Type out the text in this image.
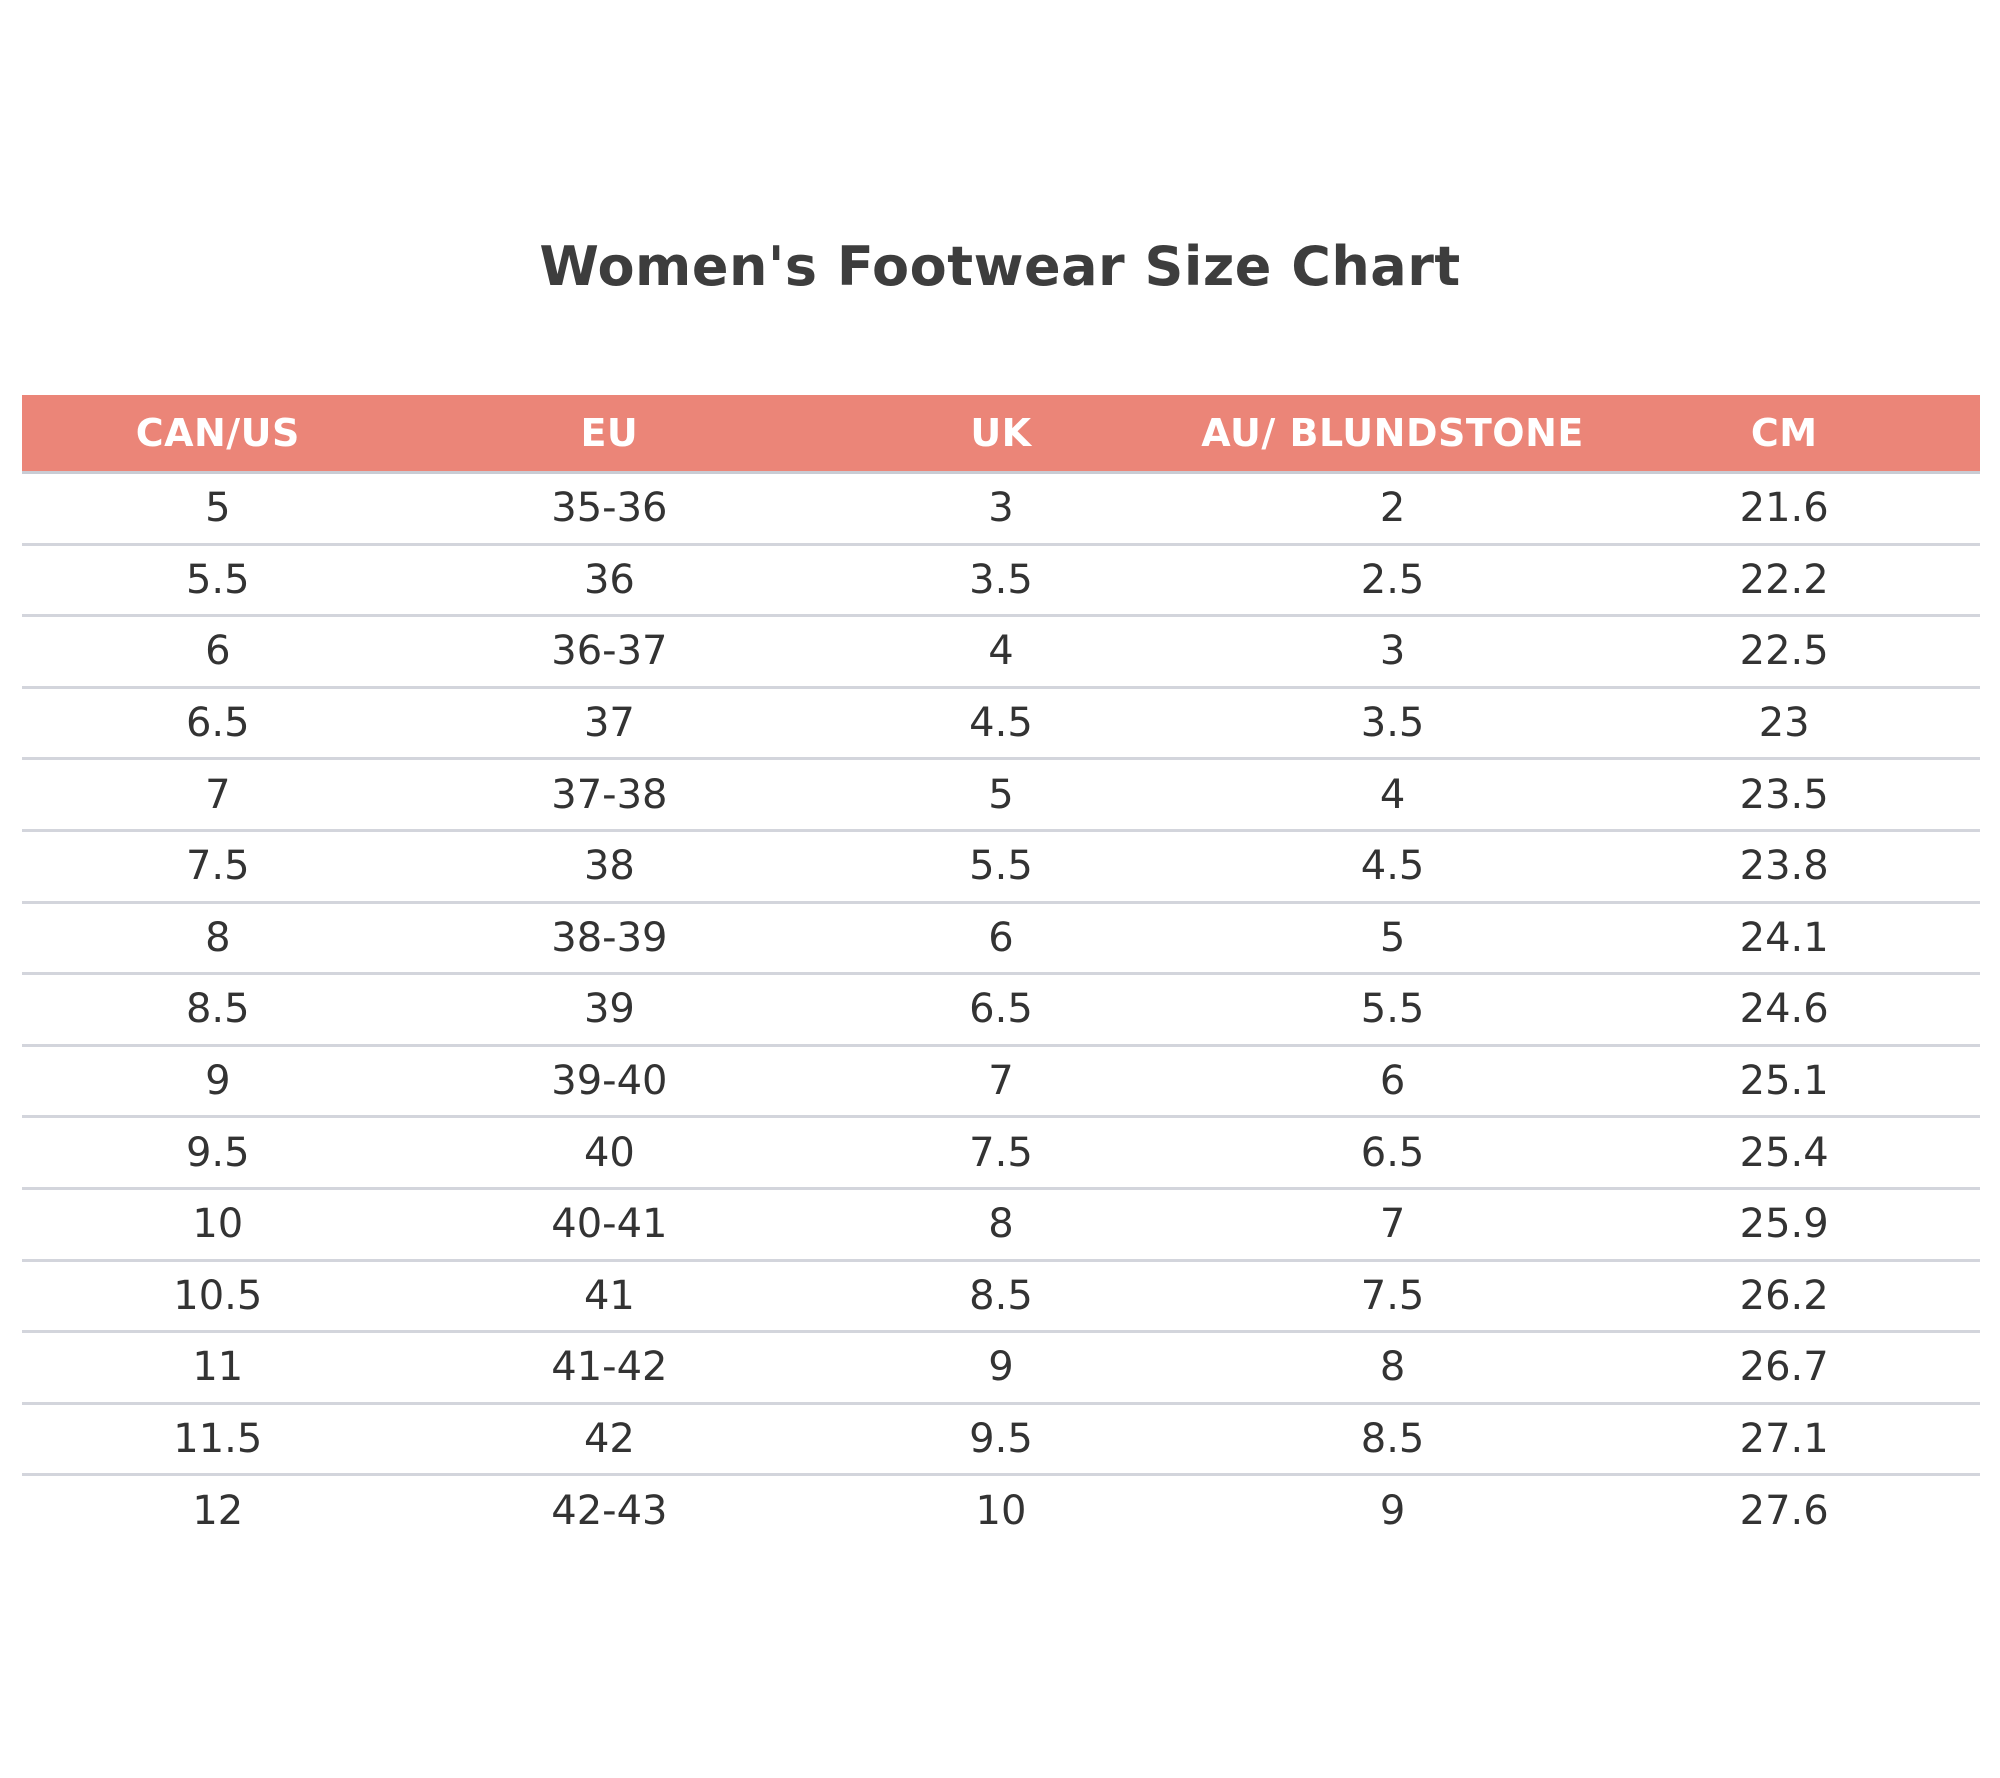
Women's Footwear Size Chart
CAN/US	EU	UK	AU/ BLUNDSTONE	CM
5	35-36	3	2	21.6
5.5	36	3.5	2.5	22.2
6	36-37	4	3	22.5
6.5	37	4.5	3.5	23
7	37-38	5	4	23.5
7.5	38	5.5	4.5	23.8
8	38-39	6	5	24.1
8.5	39	6.5	5.5	24.6
9	39-40	7	6	25.1
9.5	40	7.5	6.5	25.4
10	40-41	8	7	25.9
10.5	41	8.5	7.5	26.2
11	41-42	9	8	26.7
11.5	42	9.5	8.5	27.1
12	42-43	10	9	27.6
